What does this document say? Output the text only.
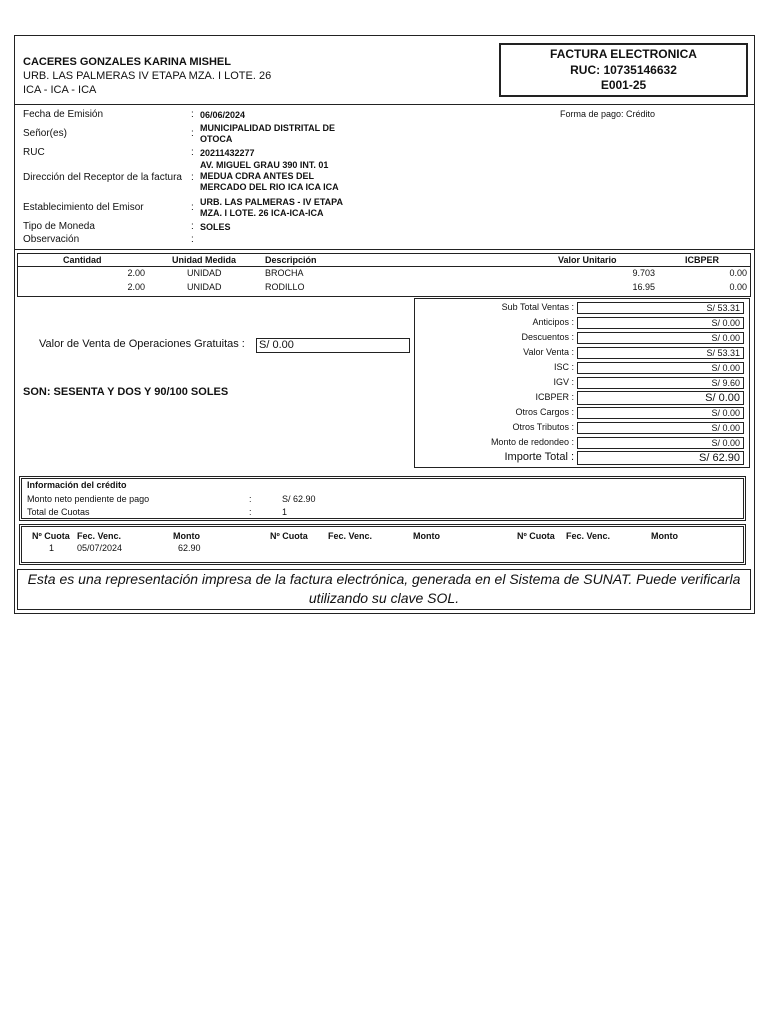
CACERES GONZALES KARINA MISHEL
URB. LAS PALMERAS IV ETAPA MZA. I LOTE. 26
ICA - ICA - ICA
FACTURA ELECTRONICA
RUC: 10735146632
E001-25
Fecha de Emisión	: 06/06/2024	Forma de pago: Crédito
Señor(es)	: MUNICIPALIDAD DISTRITAL DE OTOCA
RUC	: 20211432277
Dirección del Receptor de la factura :
AV. MIGUEL GRAU 390 INT. 01 MEDUA CDRA ANTES DEL MERCADO DEL RIO ICA ICA ICA
Establecimiento del Emisor	: URB. LAS PALMERAS - IV ETAPA MZA. I LOTE. 26 ICA-ICA-ICA
Tipo de Moneda	: SOLES
Observación	:
Cantidad	Unidad Medida	Descripción	Valor Unitario	ICBPER
2.00	UNIDAD	BROCHA	9.703	0.00
2.00	UNIDAD	RODILLO	16.95	0.00
Valor de Venta de Operaciones Gratuitas : S/ 0.00
SON: SESENTA Y DOS Y 90/100 SOLES
Sub Total Ventas :	S/ 53.31
Anticipos :	S/ 0.00
Descuentos :	S/ 0.00
Valor Venta :	S/ 53.31
ISC :	S/ 0.00
IGV :	S/ 9.60
ICBPER :	S/ 0.00
Otros Cargos :	S/ 0.00
Otros Tributos :	S/ 0.00
Monto de redondeo :	S/ 0.00
Importe Total :	S/ 62.90
Información del crédito
Monto neto pendiente de pago	:	S/ 62.90
Total de Cuotas	:	1
Nº Cuota Fec. Venc.	Monto	Nº Cuota Fec. Venc.	Monto	Nº Cuota Fec. Venc.	Monto
1	05/07/2024	62.90
Esta es una representación impresa de la factura electrónica, generada en el Sistema de SUNAT. Puede verificarla utilizando su clave SOL.
